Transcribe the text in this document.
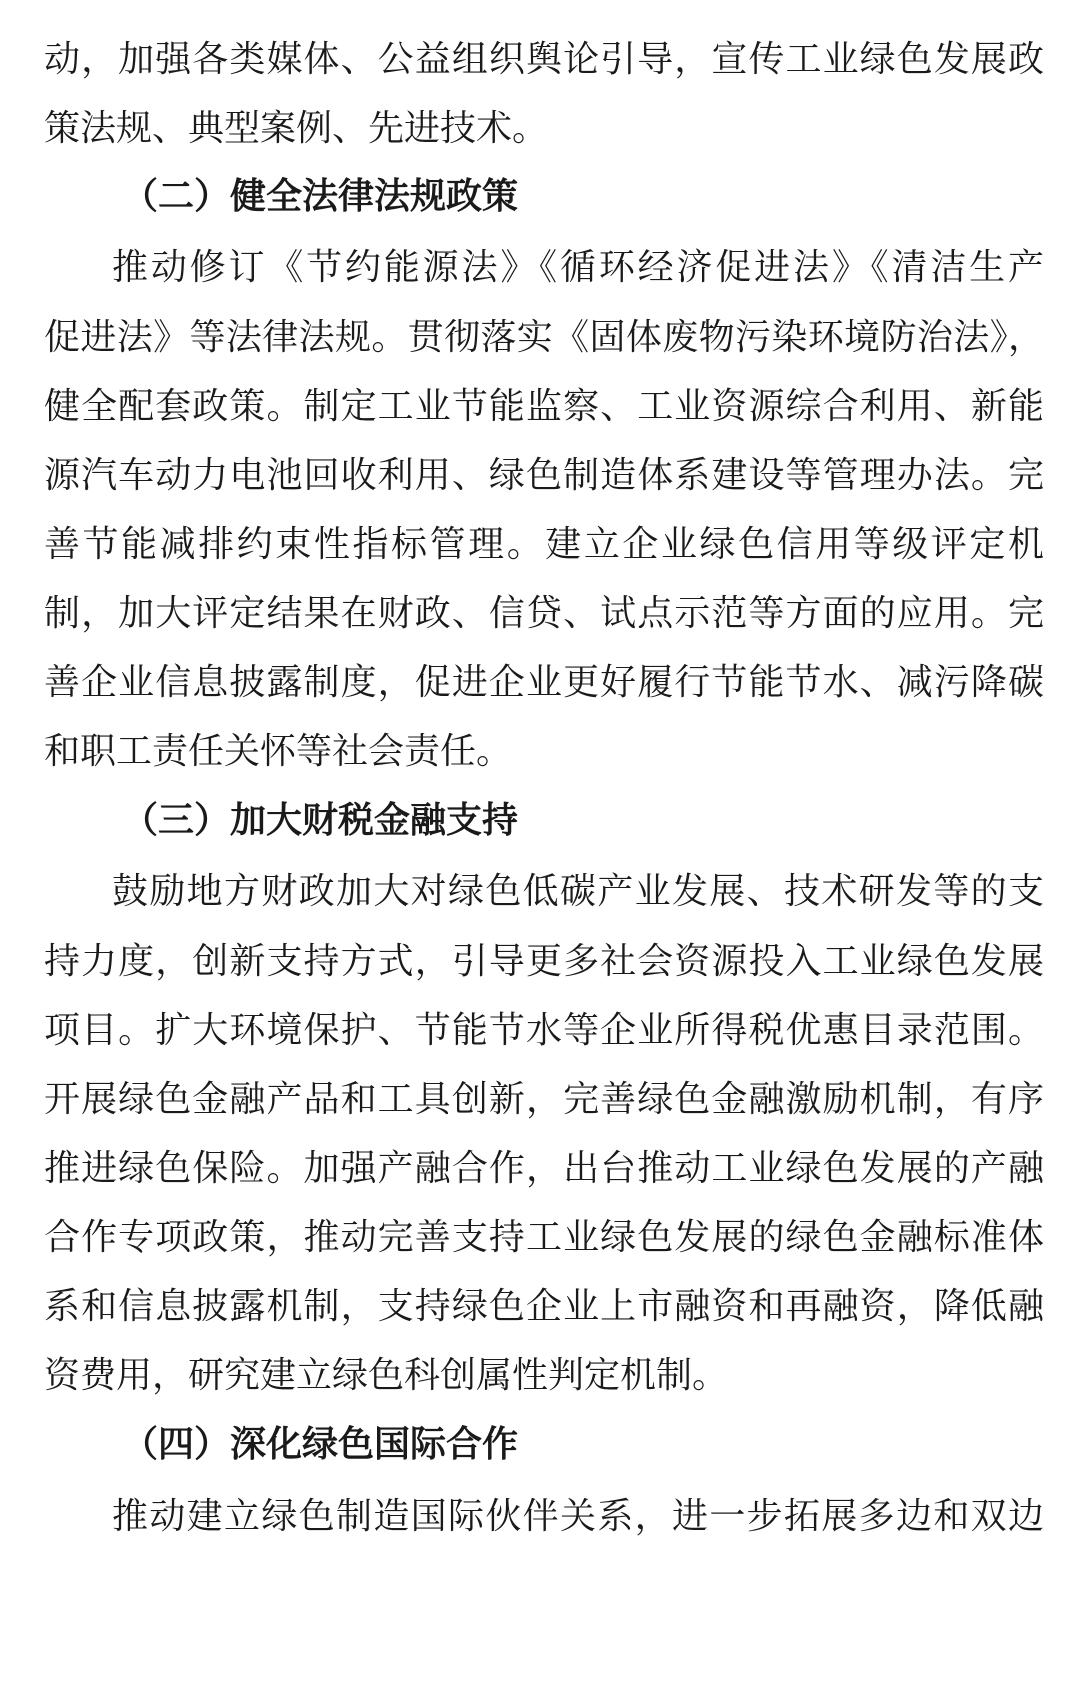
动，加强各类媒体、公益组织舆论引导，宣传工业绿色发展政
策法规、典型案例、先进技术。
（二）健全法律法规政策
推动修订《节约能源法》《循环经济促进法》《清洁生产
促进法》等法律法规。贯彻落实《固体废物污染环境防治法》，
健全配套政策。制定工业节能监察、工业资源综合利用、新能
源汽车动力电池回收利用、绿色制造体系建设等管理办法。完
善节能减排约束性指标管理。建立企业绿色信用等级评定机
制，加大评定结果在财政、信贷、试点示范等方面的应用。完
善企业信息披露制度，促进企业更好履行节能节水、减污降碳
和职工责任关怀等社会责任。
（三）加大财税金融支持
鼓励地方财政加大对绿色低碳产业发展、技术研发等的支
持力度，创新支持方式，引导更多社会资源投入工业绿色发展
项目。扩大环境保护、节能节水等企业所得税优惠目录范围。
开展绿色金融产品和工具创新，完善绿色金融激励机制，有序
推进绿色保险。加强产融合作，出台推动工业绿色发展的产融
合作专项政策，推动完善支持工业绿色发展的绿色金融标准体
系和信息披露机制，支持绿色企业上市融资和再融资，降低融
资费用，研究建立绿色科创属性判定机制。
（四）深化绿色国际合作
推动建立绿色制造国际伙伴关系，进一步拓展多边和双边
